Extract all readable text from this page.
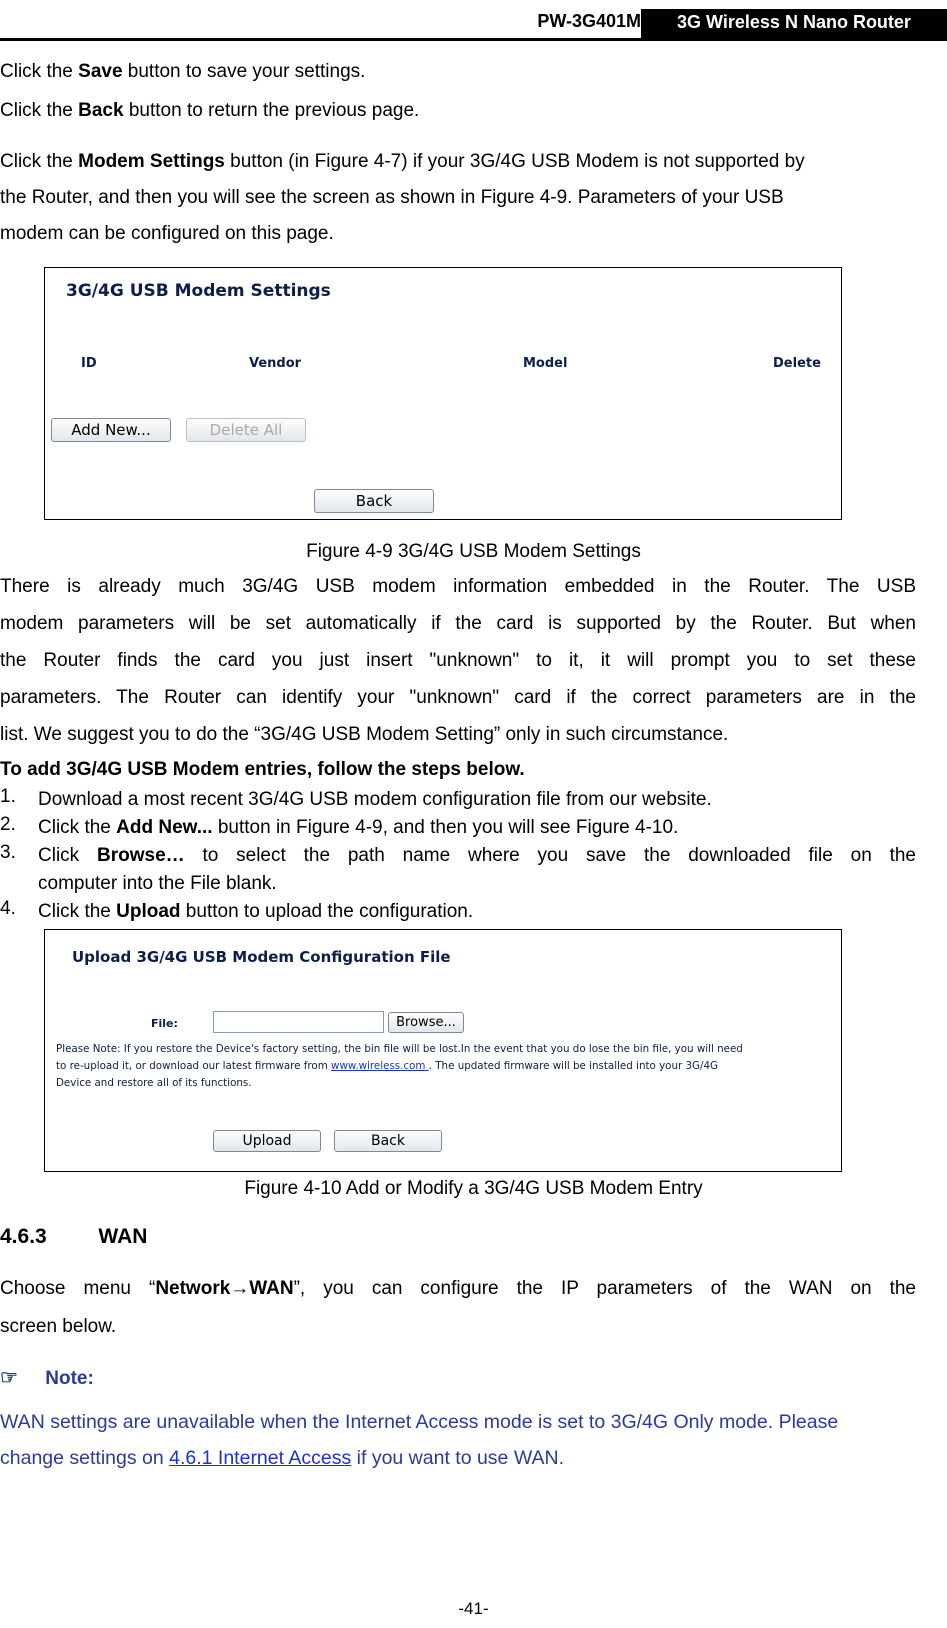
PW-3G401M	3G Wireless N Nano Router
Click the Save button to save your settings.
Click the Back button to return the previous page.
Click the Modem Settings button (in Figure 4-7) if your 3G/4G USB Modem is not supported by
the Router, and then you will see the screen as shown in Figure 4-9. Parameters of your USB
modem can be configured on this page.
3G/4G USB Modem Settings
ID	Vendor	Model	Delete
Add New...	Delete All
Back
Figure 4-9 3G/4G USB Modem Settings
There is already much 3G/4G USB modem information embedded in the Router. The USB
modem parameters will be set automatically if the card is supported by the Router. But when
the Router finds the card you just insert "unknown" to it, it will prompt you to set these
parameters. The Router can identify your "unknown" card if the correct parameters are in the
list. We suggest you to do the “3G/4G USB Modem Setting” only in such circumstance.
To add 3G/4G USB Modem entries, follow the steps below.
1. Download a most recent 3G/4G USB modem configuration file from our website.
2. Click the Add New... button in Figure 4-9, and then you will see Figure 4-10.
3. Click Browse… to select the path name where you save the downloaded file on the
computer into the File blank.
4. Click the Upload button to upload the configuration.
Upload 3G/4G USB Modem Configuration File
File:	Browse...
Please Note: If you restore the Device's factory setting, the bin file will be lost.In the event that you do lose the bin file, you will need
to re-upload it, or download our latest firmware from www.wireless.com . The updated firmware will be installed into your 3G/4G
Device and restore all of its functions.
Upload	Back
Figure 4-10 Add or Modify a 3G/4G USB Modem Entry
4.6.3 WAN
Choose menu “Network→WAN”, you can configure the IP parameters of the WAN on the
screen below.
☞ Note:
WAN settings are unavailable when the Internet Access mode is set to 3G/4G Only mode. Please
change settings on 4.6.1 Internet Access if you want to use WAN.
-41-
